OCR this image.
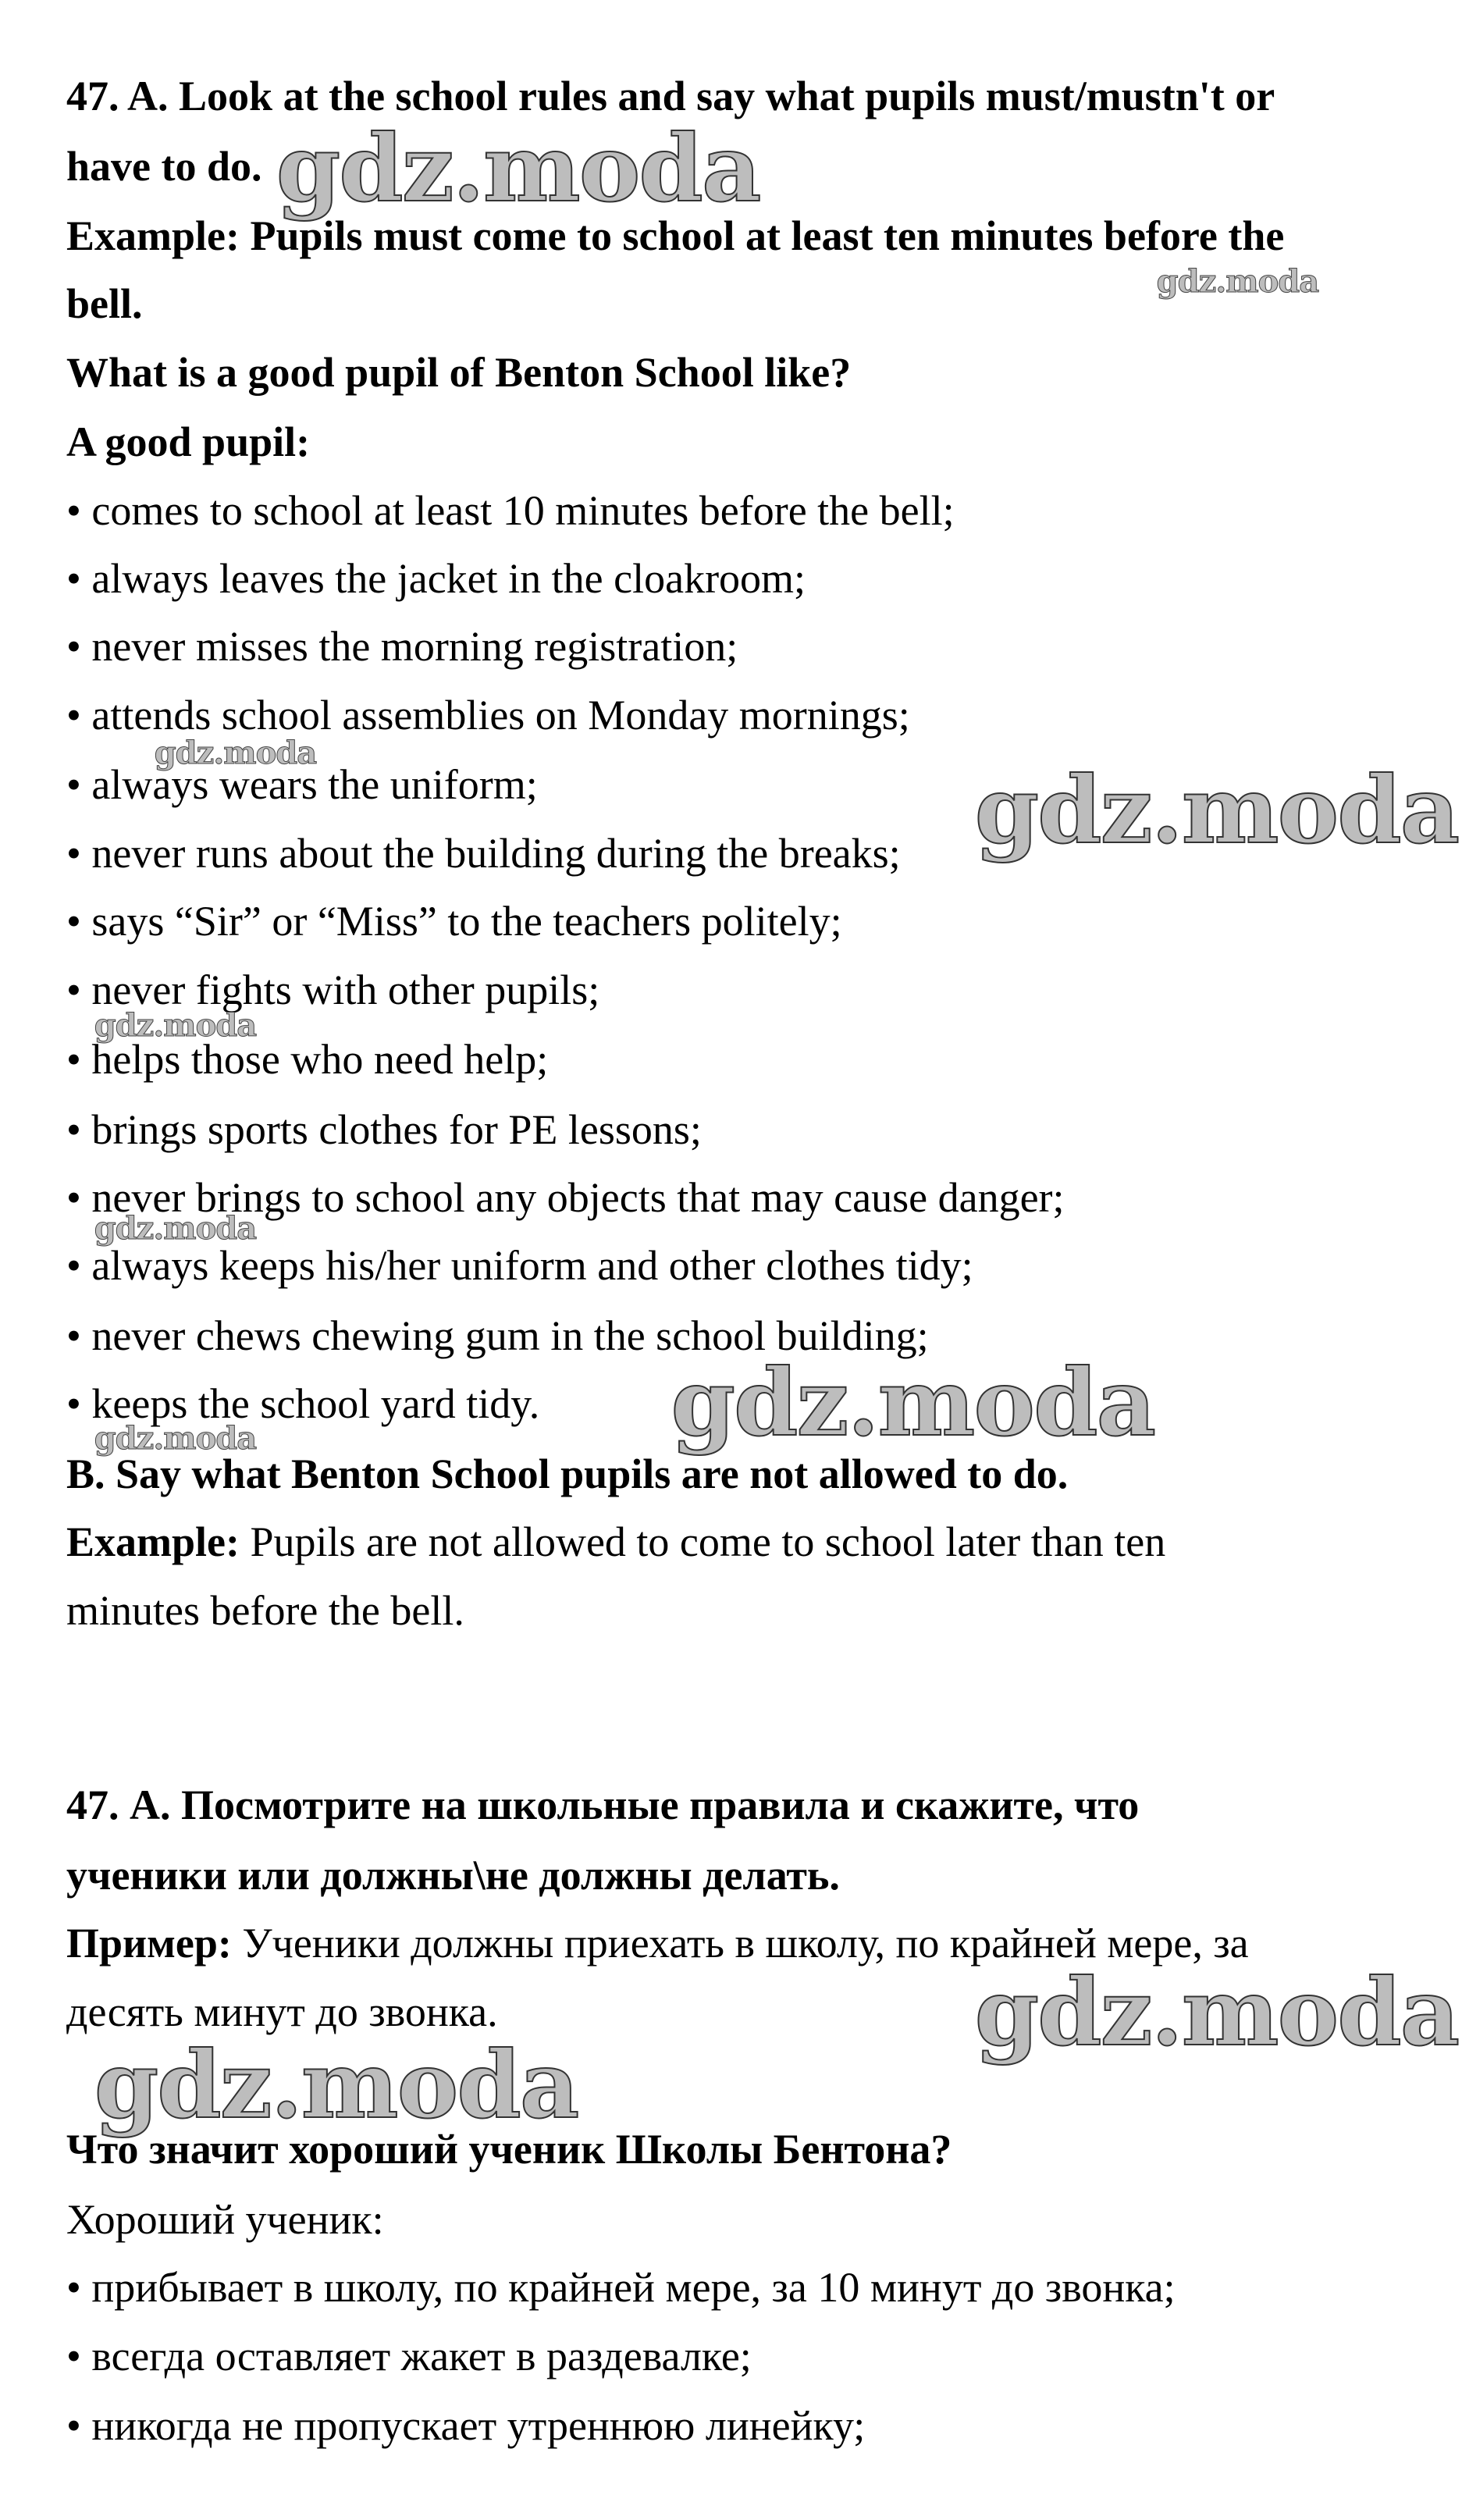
47. A. Look at the school rules and say what pupils must/mustn't or
have to do.
Example: Pupils must come to school at least ten minutes before the
bell.
What is a good pupil of Benton School like?
A good pupil:
• comes to school at least 10 minutes before the bell;
• always leaves the jacket in the cloakroom;
• never misses the morning registration;
• attends school assemblies on Monday mornings;
• always wears the uniform;
• never runs about the building during the breaks;
• says “Sir” or “Miss” to the teachers politely;
• never fights with other pupils;
• helps those who need help;
• brings sports clothes for PE lessons;
• never brings to school any objects that may cause danger;
• always keeps his/her uniform and other clothes tidy;
• never chews chewing gum in the school building;
• keeps the school yard tidy.
B. Say what Benton School pupils are not allowed to do.
Example: Pupils are not allowed to come to school later than ten
minutes before the bell.
47. А. Посмотрите на школьные правила и скажите, что
ученики или должны\не должны делать.
Пример: Ученики должны приехать в школу, по крайней мере, за
десять минут до звонка.
Что значит хороший ученик Школы Бентона?
Хороший ученик:
• прибывает в школу, по крайней мере, за 10 минут до звонка;
• всегда оставляет жакет в раздевалке;
• никогда не пропускает утреннюю линейку;
gdz.moda
gdz.moda
gdz.moda
gdz.moda
gdz.moda
gdz.moda
gdz.moda
gdz.moda
gdz.moda
gdz.moda
